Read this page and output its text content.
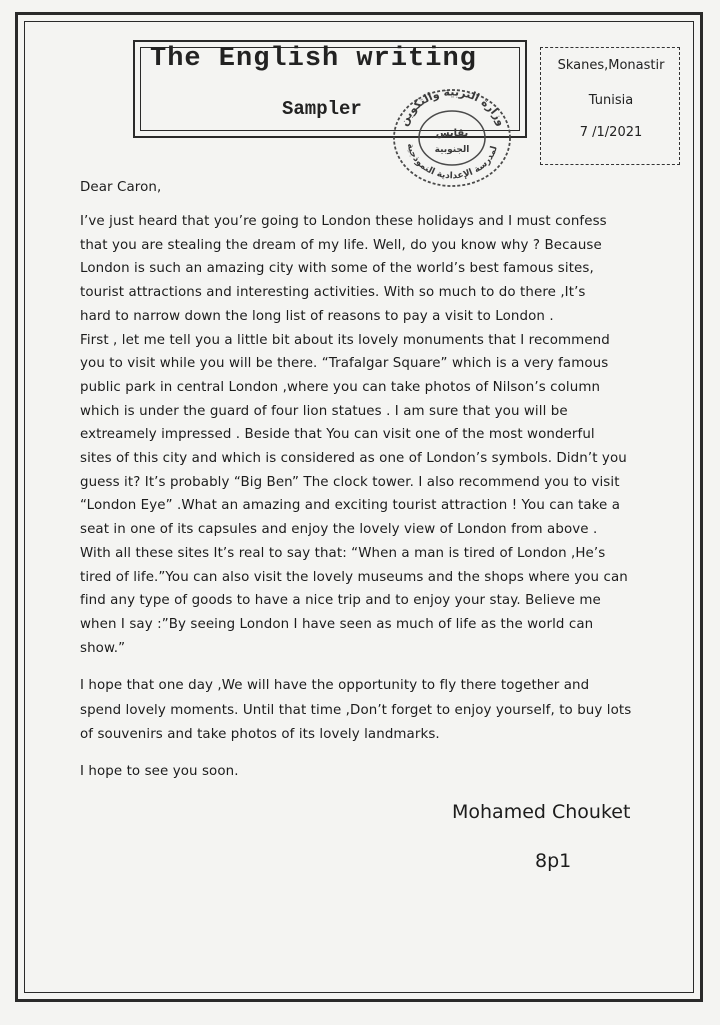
The English writing
Sampler
وزارة التربية والتكوين
لمدرسة الإعدادية النموذجية
بقابس
الجنوبية
Skanes,Monastir
Tunisia
7 /1/2021
Dear Caron,
I’ve just heard that you’re going to London these holidays and I must confess
that you are stealing the dream of my life. Well, do you know why ? Because
London is such an amazing city with some of the world’s best famous sites,
tourist attractions and interesting activities. With so much to do there ,It’s
hard to narrow down the long list of reasons to pay a visit to London .
First , let me tell you a little bit about its lovely monuments that I recommend
you to visit while you will be there. “Trafalgar Square” which is a very famous
public park in central London ,where you can take photos of Nilson’s column
which is under the guard of four lion statues . I am sure that you will be
extreamely impressed . Beside that You can visit one of the most wonderful
sites of this city and which is considered as one of London’s symbols. Didn’t you
guess it? It’s probably “Big Ben” The clock tower. I also recommend you to visit
“London Eye” .What an amazing and exciting tourist attraction ! You can take a
seat in one of its capsules and enjoy the lovely view of London from above .
With all these sites It’s real to say that: “When a man is tired of London ,He’s
tired of life.”You can also visit the lovely museums and the shops where you can
find any type of goods to have a nice trip and to enjoy your stay. Believe me
when I say :”By seeing London I have seen as much of life as the world can
show.”
I hope that one day ,We will have the opportunity to fly there together and
spend lovely moments. Until that time ,Don’t forget to enjoy yourself, to buy lots
of souvenirs and take photos of its lovely landmarks.
I hope to see you soon.
Mohamed Chouket
8p1
